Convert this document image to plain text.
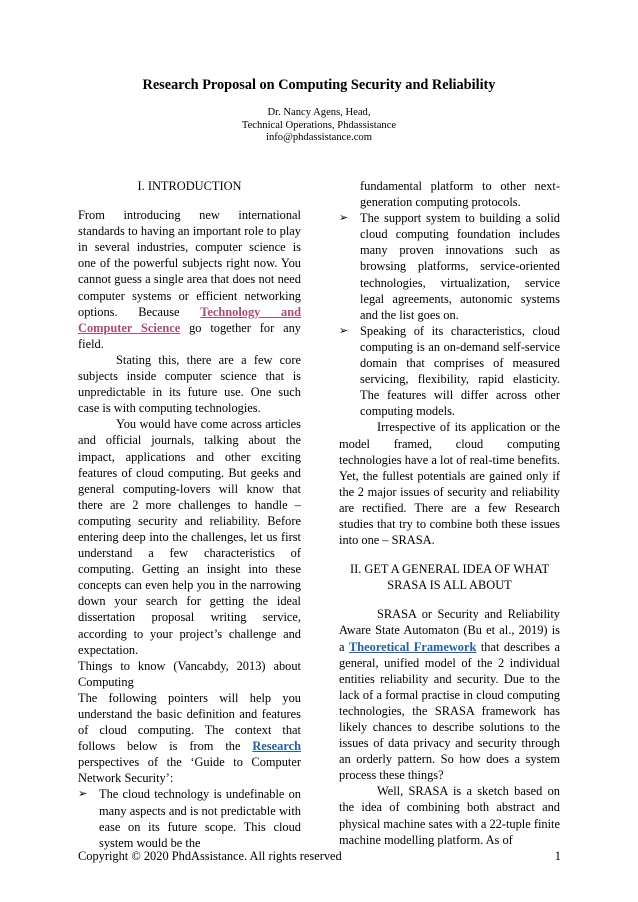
Research Proposal on Computing Security and Reliability
Dr. Nancy Agens, Head,
Technical Operations, Phdassistance
info@phdassistance.com

I. INTRODUCTION

From introducing new international standards to having an important role to play in several industries, computer science is one of the powerful subjects right now. You cannot guess a single area that does not need computer systems or efficient networking options. Because Technology and Computer Science go together for any field.

Stating this, there are a few core subjects inside computer science that is unpredictable in its future use. One such case is with computing technologies.

You would have come across articles and official journals, talking about the impact, applications and other exciting features of cloud computing. But geeks and general computing-lovers will know that there are 2 more challenges to handle – computing security and reliability. Before entering deep into the challenges, let us first understand a few characteristics of computing. Getting an insight into these concepts can even help you in the narrowing down your search for getting the ideal dissertation proposal writing service, according to your project’s challenge and expectation.

Things to know (Vancabdy, 2013) about Computing

The following pointers will help you understand the basic definition and features of cloud computing. The context that follows below is from the Research perspectives of the ‘Guide to Computer Network Security’:

➢ The cloud technology is undefinable on many aspects and is not predictable with ease on its future scope. This cloud system would be the
fundamental platform to other next-generation computing protocols.
➢ The support system to building a solid cloud computing foundation includes many proven innovations such as browsing platforms, service-oriented technologies, virtualization, service legal agreements, autonomic systems and the list goes on.
➢ Speaking of its characteristics, cloud computing is an on-demand self-service domain that comprises of measured servicing, flexibility, rapid elasticity. The features will differ across other computing models.

Irrespective of its application or the model framed, cloud computing technologies have a lot of real-time benefits. Yet, the fullest potentials are gained only if the 2 major issues of security and reliability are rectified. There are a few Research studies that try to combine both these issues into one – SRASA.

II. GET A GENERAL IDEA OF WHAT

SRASA IS ALL ABOUT

SRASA or Security and Reliability Aware State Automaton (Bu et al., 2019) is a Theoretical Framework that describes a general, unified model of the 2 individual entities reliability and security. Due to the lack of a formal practise in cloud computing technologies, the SRASA framework has likely chances to describe solutions to the issues of data privacy and security through an orderly pattern. So how does a system process these things?

Well, SRASA is a sketch based on the idea of combining both abstract and physical machine sates with a 22-tuple finite machine modelling platform. As of

Copyright © 2020 PhdAssistance. All rights reserved	1
